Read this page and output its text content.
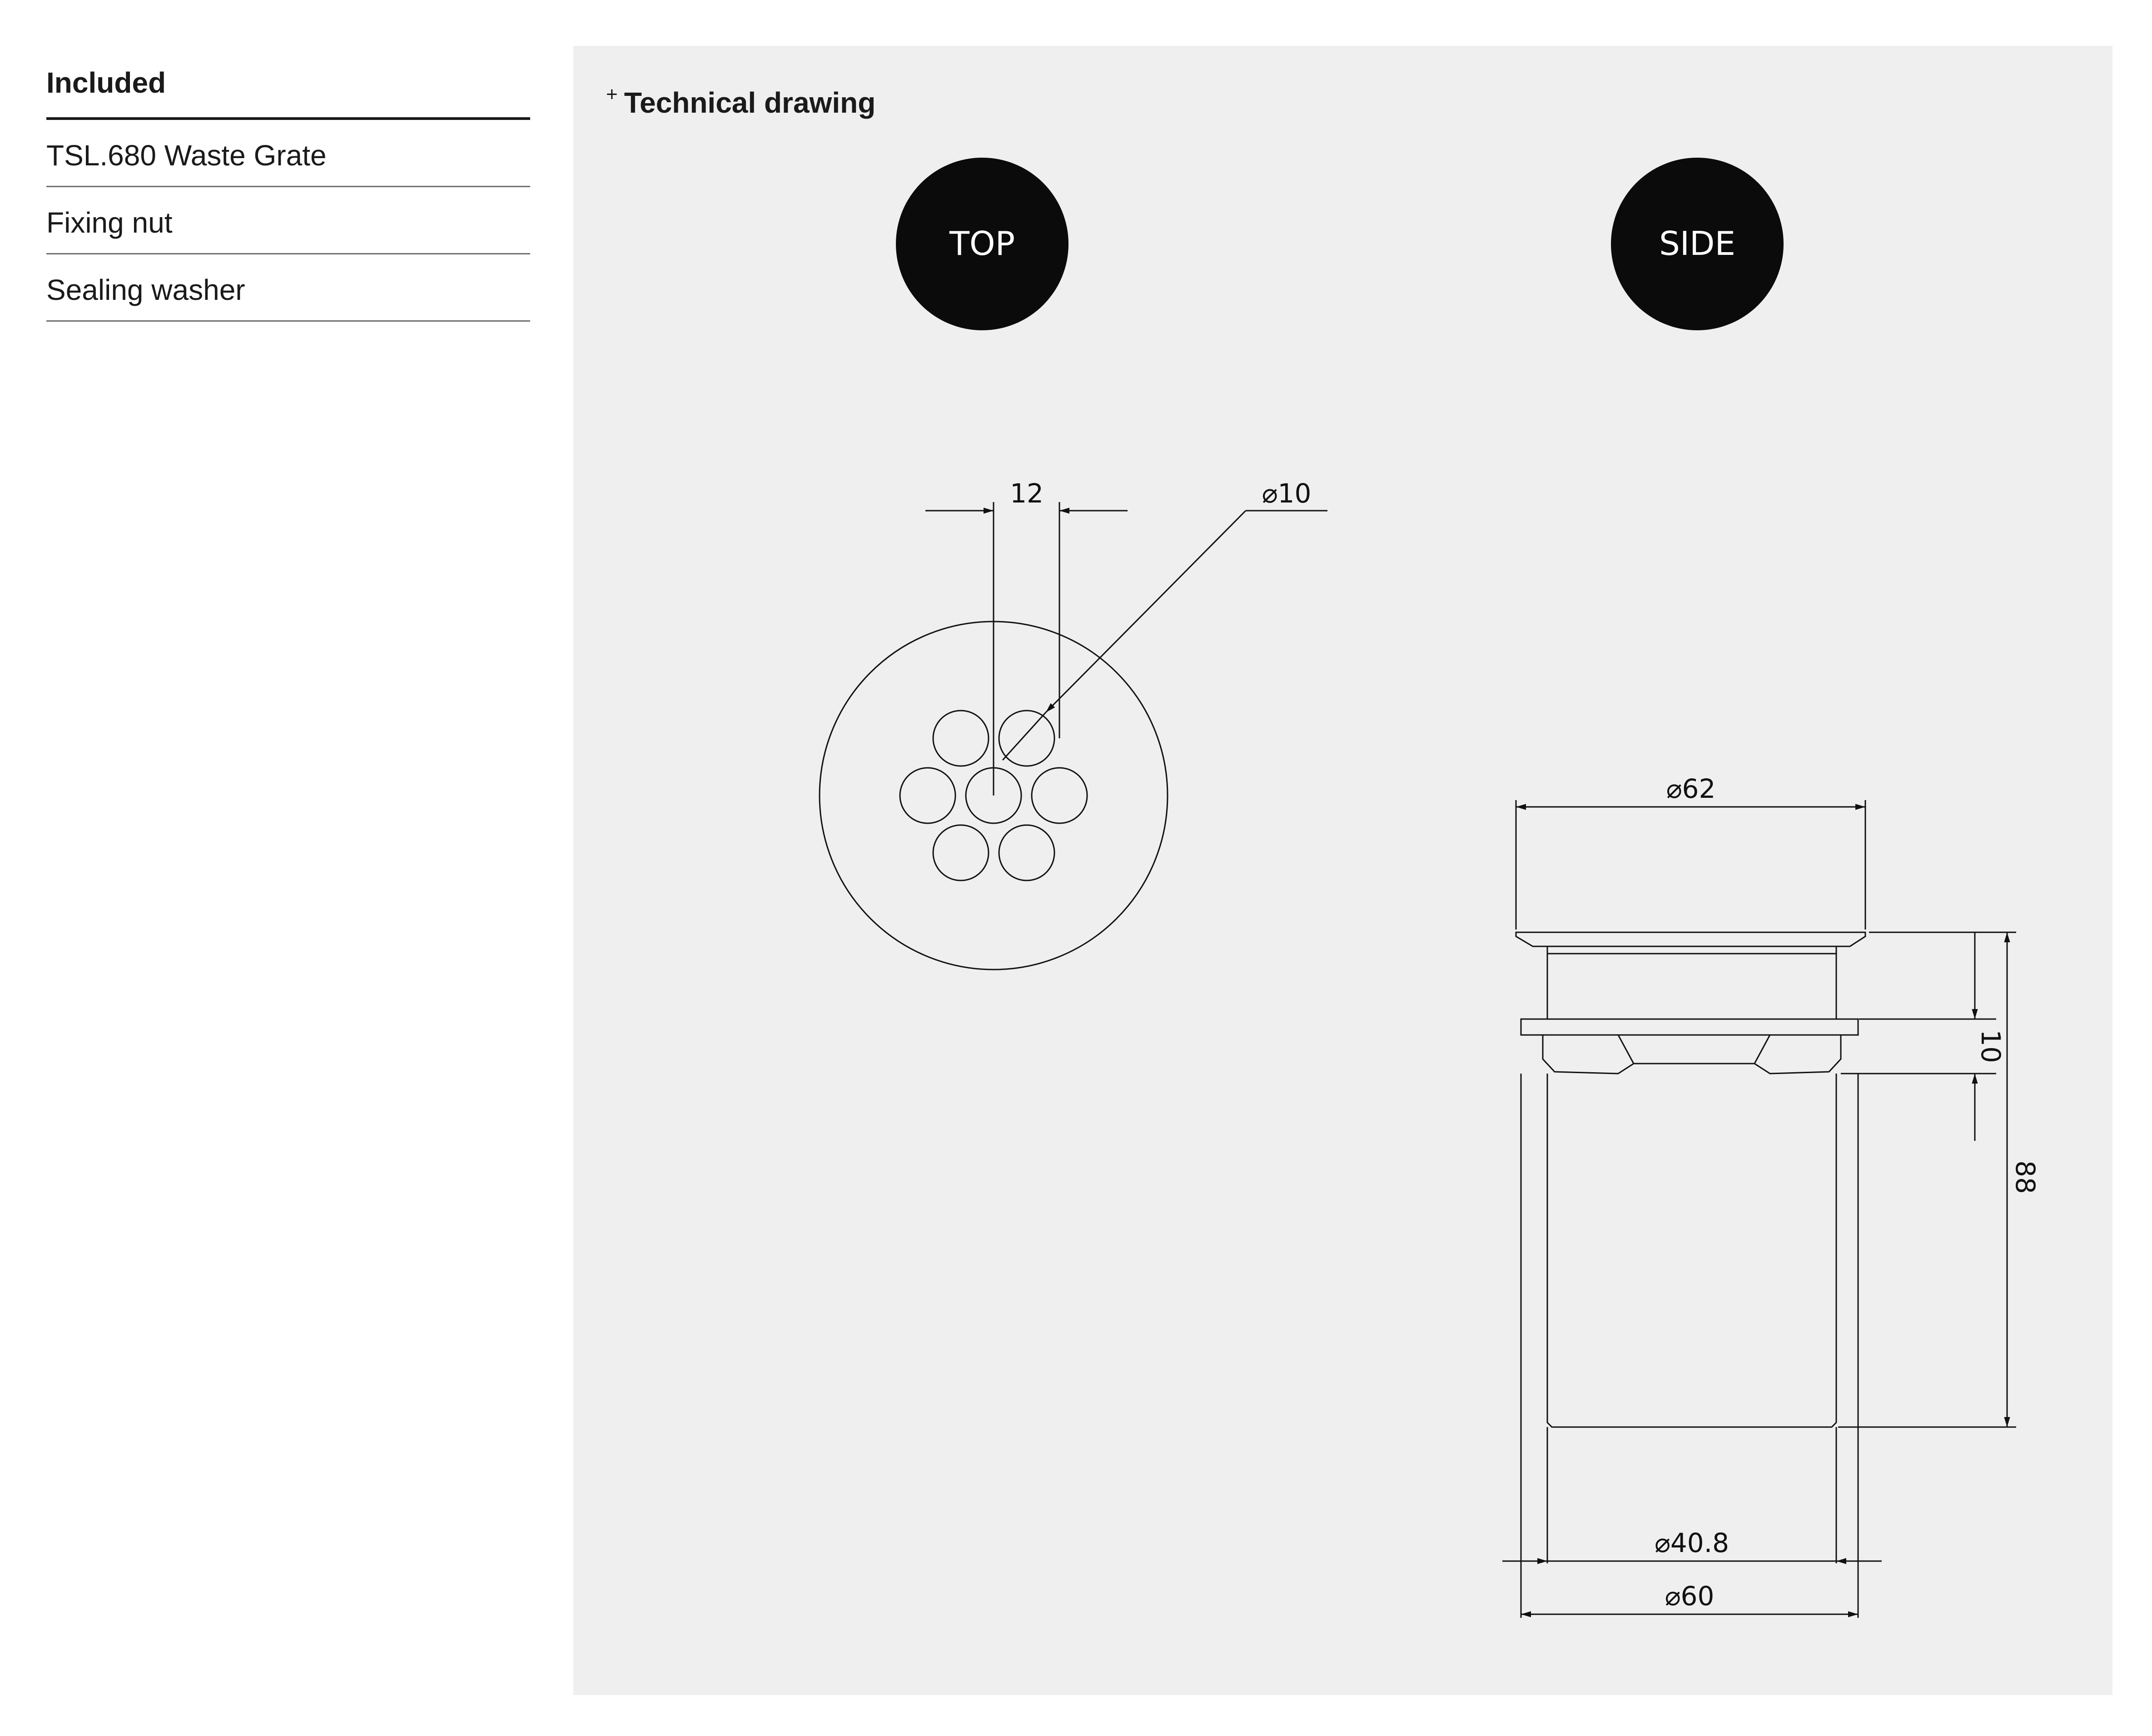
Included
TSL.680 Waste Grate
Fixing nut
Sealing washer
+ Technical drawing
TOP	SIDE
12	⌀10
⌀62
10
88
⌀40.8
⌀60
